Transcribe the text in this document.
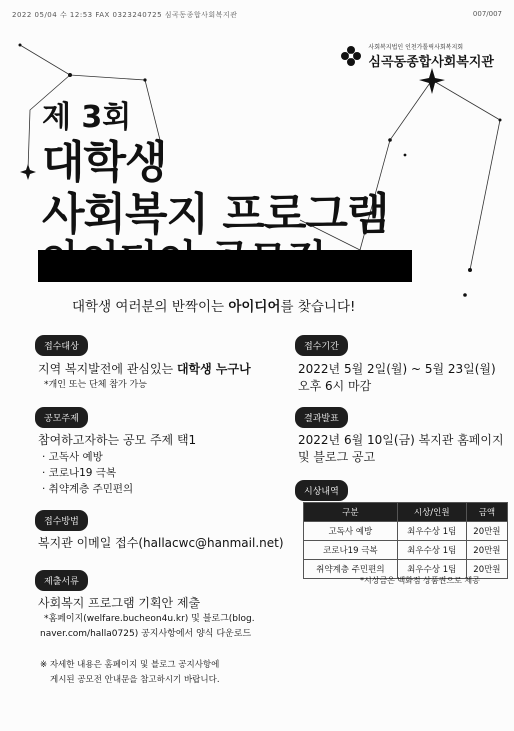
2022 05/04 수 12:53 FAX 0323240725 심곡동종합사회복지관	007/007
사회복지법인 인천가톨릭사회복지회
심곡동종합사회복지관
제 3회
대학생
사회복지 프로그램
대학생 여러분의 반짝이는 아이디어를 찾습니다!
접수대상
지역 복지발전에 관심있는 대학생 누구나
*개인 또는 단체 참가 가능
공모주제
참여하고자하는 공모 주제 택1
· 고독사 예방
· 코로나19 극복
· 취약계층 주민편의
접수방법
복지관 이메일 접수(hallacwc@hanmail.net)
제출서류
사회복지 프로그램 기획안 제출
*홈페이지(welfare.bucheon4u.kr) 및 블로그(blog.
naver.com/halla0725) 공지사항에서 양식 다운로드
접수기간
2022년 5월 2일(월) ~ 5월 23일(월)
오후 6시 마감
결과발표
2022년 6월 10일(금) 복지관 홈페이지
및 블로그 공고
시상내역
구분	시상/인원	금액
고독사 예방	최우수상 1팀	20만원
코로나19 극복	최우수상 1팀	20만원
취약계층 주민편의	최우수상 1팀	20만원
*시상금은 백화점 상품권으로 제공
※ 자세한 내용은 홈페이지 및 블로그 공지사항에
게시된 공모전 안내문을 참고하시기 바랍니다.
